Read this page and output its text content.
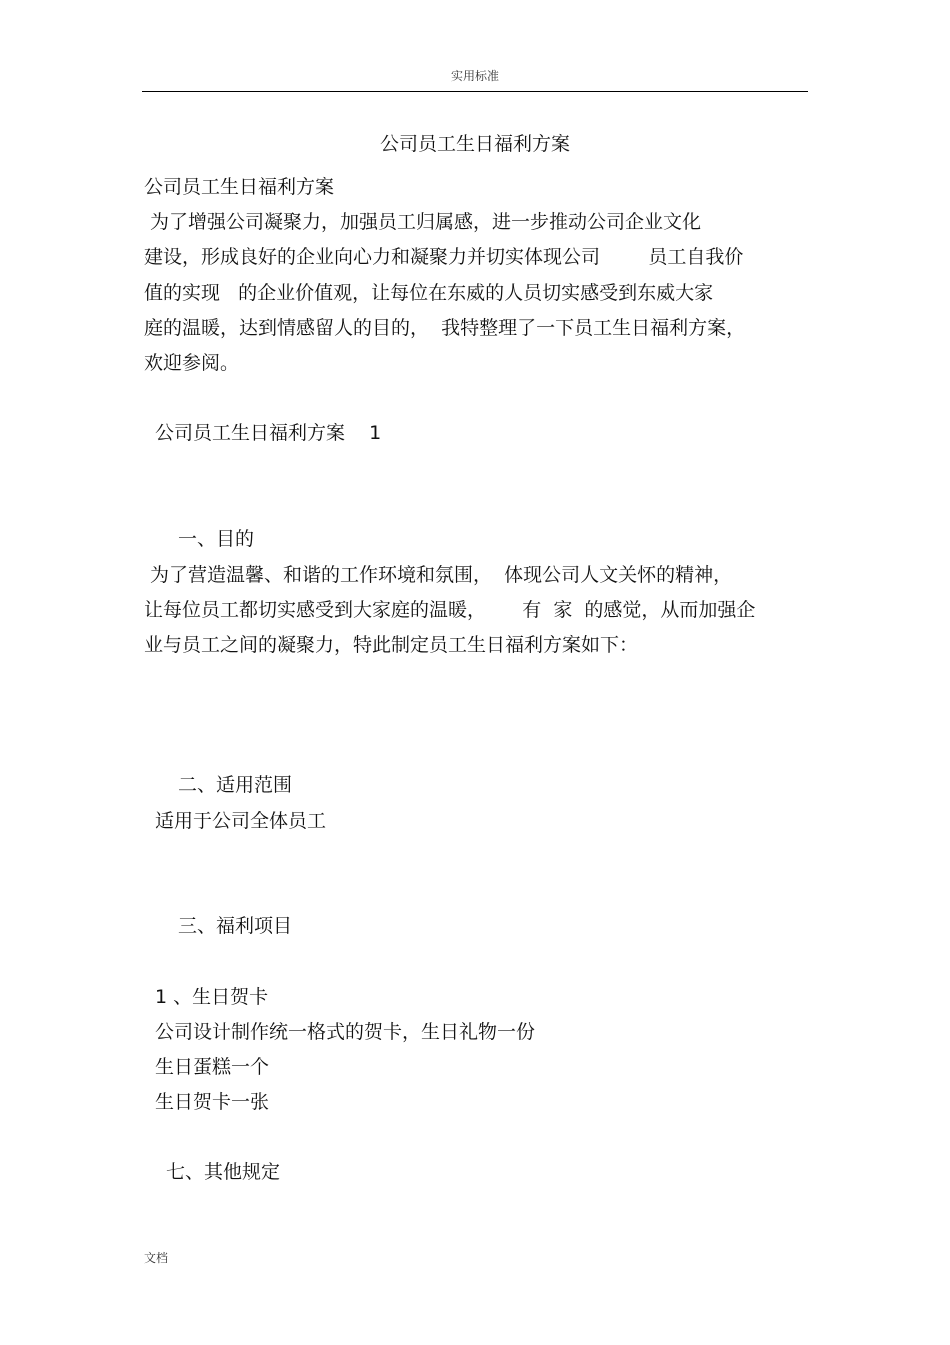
实用标准
公司员工生日福利方案
公司员工生日福利方案
为了增强公司凝聚力，加强员工归属感，进一步推动公司企业文化
建设，形成良好的企业向心力和凝聚力并切实体现公司        员工自我价
值的实现   的企业价值观，让每位在东威的人员切实感受到东威大家
庭的温暖，达到情感留人的目的，  我特整理了一下员工生日福利方案，
欢迎参阅。
公司员工生日福利方案    1
一、目的
为了营造温馨、和谐的工作环境和氛围，  体现公司人文关怀的精神，
让每位员工都切实感受到大家庭的温暖，      有  家  的感觉，从而加强企
业与员工之间的凝聚力，特此制定员工生日福利方案如下：
二、适用范围
适用于公司全体员工
三、福利项目
1 、生日贺卡
公司设计制作统一格式的贺卡，生日礼物一份
生日蛋糕一个
生日贺卡一张
七、其他规定
文档
